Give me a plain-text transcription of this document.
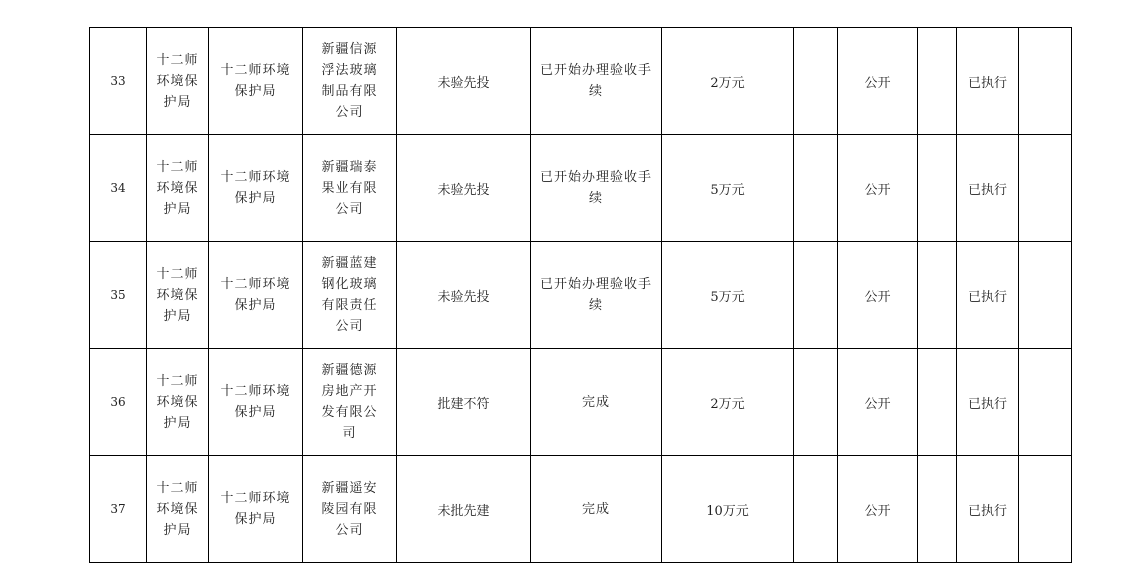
33	十二师环境保护局	十二师环境保护局	新疆信源浮法玻璃制品有限公司	未验先投	已开始办理验收手续	2万元		公开		已执行	
34	十二师环境保护局	十二师环境保护局	新疆瑞泰果业有限公司	未验先投	已开始办理验收手续	5万元		公开		已执行	
35	十二师环境保护局	十二师环境保护局	新疆蓝建钢化玻璃有限责任公司	未验先投	已开始办理验收手续	5万元		公开		已执行	
36	十二师环境保护局	十二师环境保护局	新疆德源房地产开发有限公司	批建不符	完成	2万元		公开		已执行	
37	十二师环境保护局	十二师环境保护局	新疆遥安陵园有限公司	未批先建	完成	10万元		公开		已执行	
